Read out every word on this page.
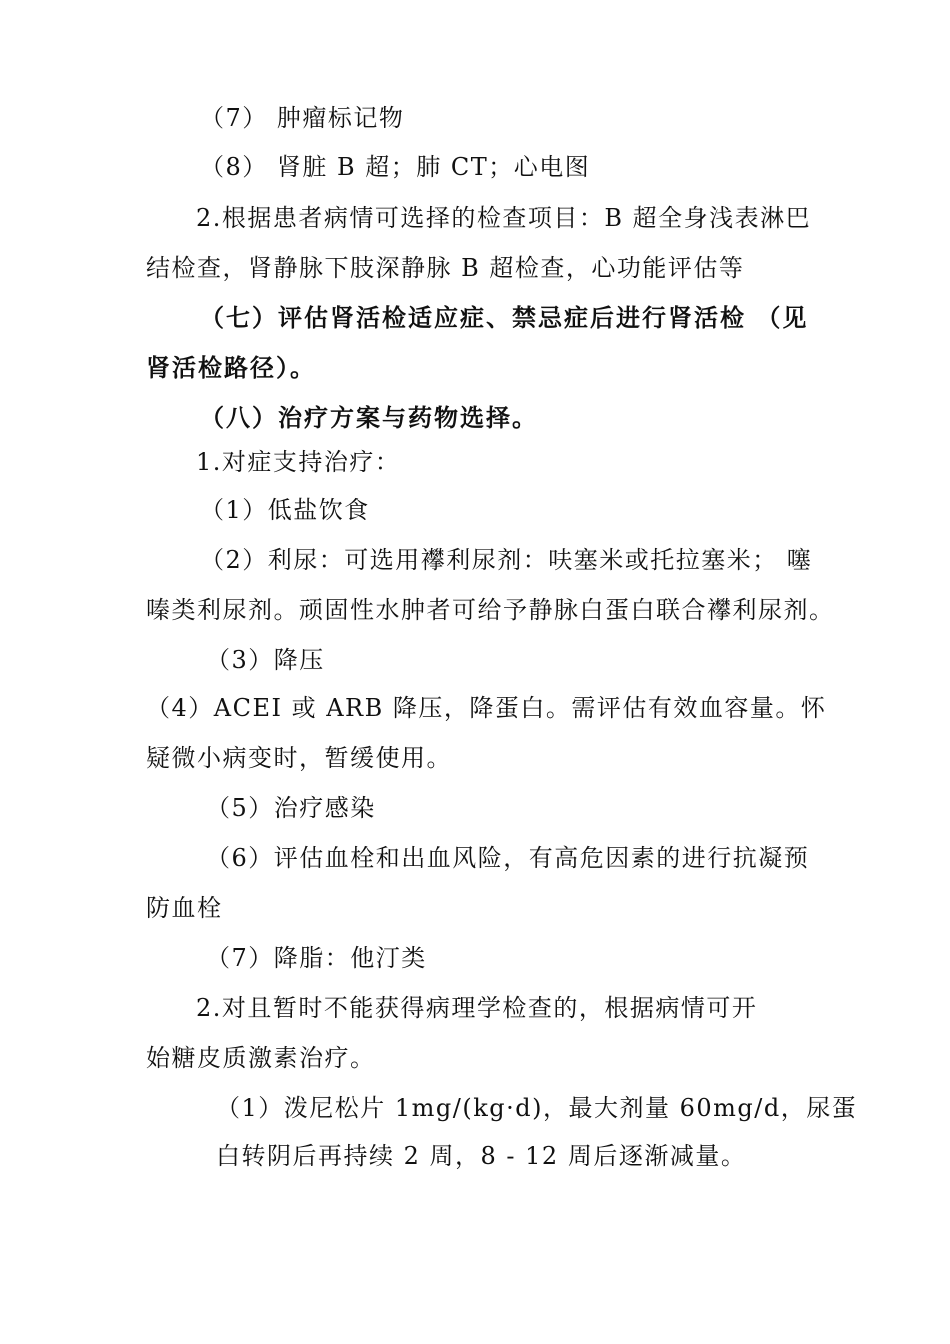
（7） 肿瘤标记物
（8） 肾脏 B 超；肺 CT；心电图
2.根据患者病情可选择的检查项目：B 超全身浅表淋巴
结检查，肾静脉下肢深静脉 B 超检查，心功能评估等
（七）评估肾活检适应症、禁忌症后进行肾活检 （见
肾活检路径）。
（八）治疗方案与药物选择。
1.对症支持治疗：
（1）低盐饮食
（2）利尿：可选用襻利尿剂：呋塞米或托拉塞米； 噻
嗪类利尿剂。顽固性水肿者可给予静脉白蛋白联合襻利尿剂。
（3）降压
（4）ACEI 或 ARB 降压，降蛋白。需评估有效血容量。怀
疑微小病变时，暂缓使用。
（5）治疗感染
（6）评估血栓和出血风险，有高危因素的进行抗凝预
防血栓
（7）降脂：他汀类
2.对且暂时不能获得病理学检查的，根据病情可开
始糖皮质激素治疗。
（1）泼尼松片 1mg/(kg·d)，最大剂量 60mg/d，尿蛋
白转阴后再持续 2 周，8 - 12 周后逐渐减量。
